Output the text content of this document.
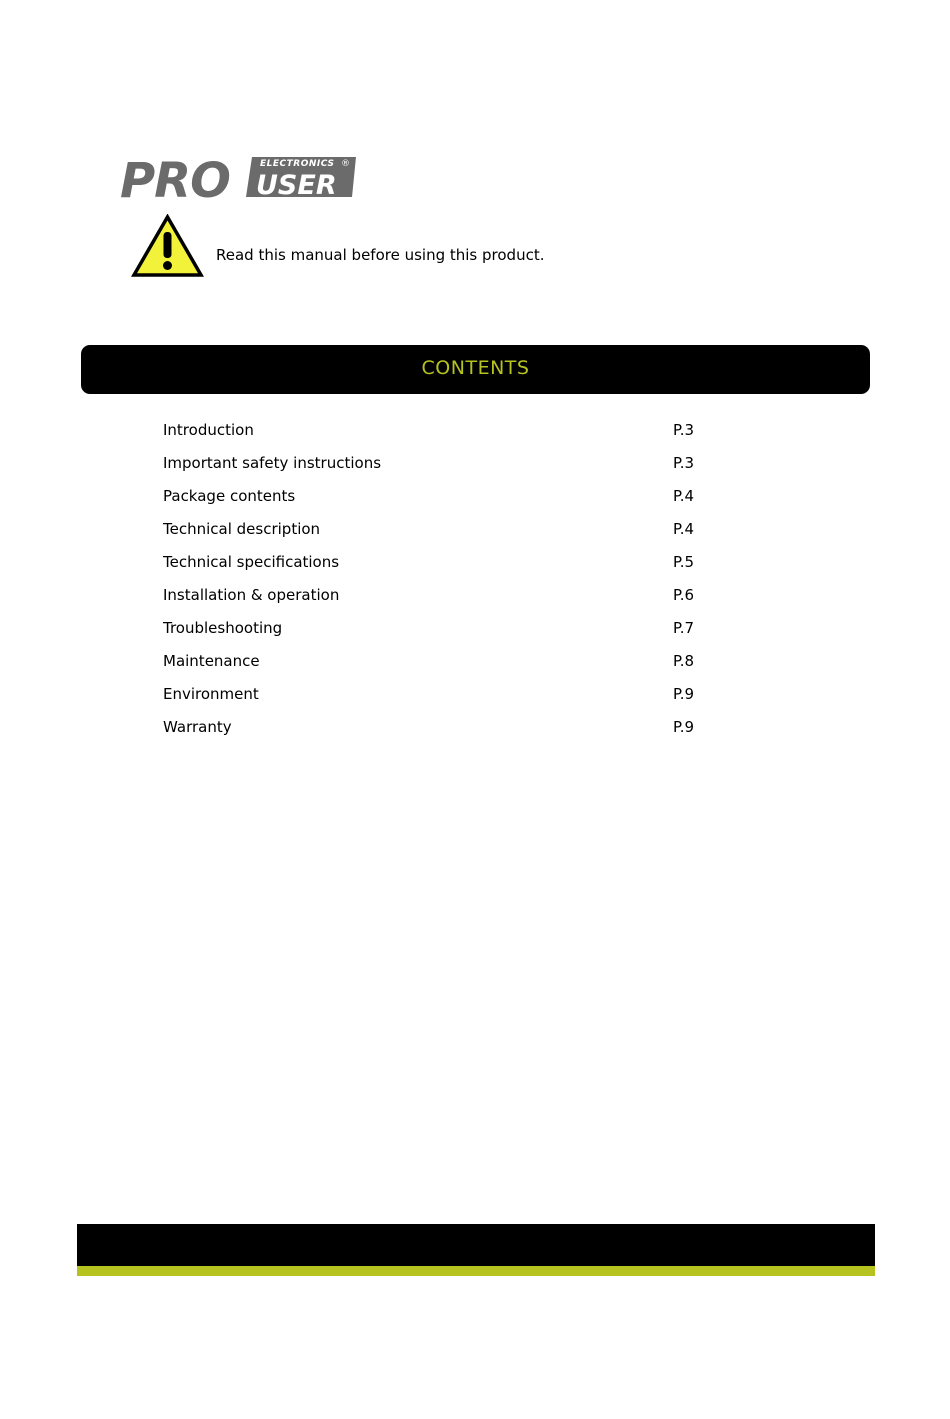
PRO	ELECTRONICS ®
USER
Read this manual before using this product.
CONTENTS
Introduction	P.3
Important safety instructions	P.3
Package contents	P.4
Technical description	P.4
Technical specifications	P.5
Installation & operation	P.6
Troubleshooting	P.7
Maintenance	P.8
Environment	P.9
Warranty	P.9
